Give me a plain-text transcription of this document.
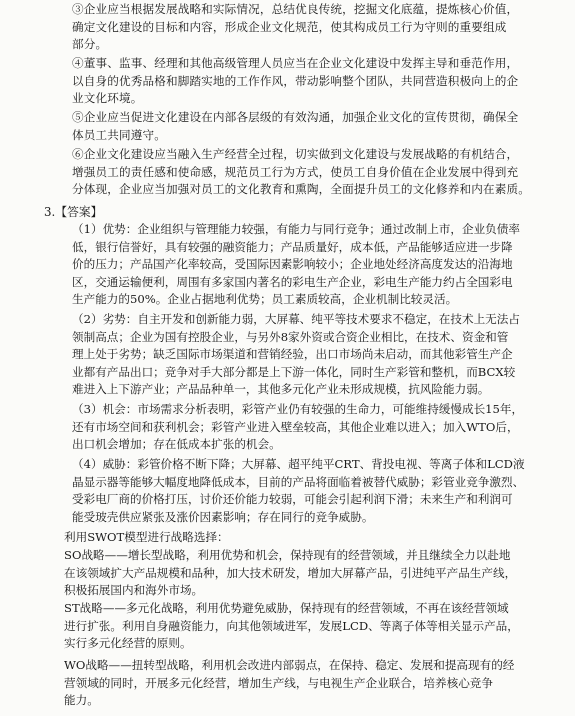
③企业应当根据发展战略和实际情况，总结优良传统，挖掘文化底蕴，提炼核心价值，
确定文化建设的目标和内容，形成企业文化规范，使其构成员工行为守则的重要组成
部分。
④董事、监事、经理和其他高级管理人员应当在企业文化建设中发挥主导和垂范作用，
以自身的优秀品格和脚踏实地的工作作风，带动影响整个团队，共同营造积极向上的企
业文化环境。
⑤企业应当促进文化建设在内部各层级的有效沟通，加强企业文化的宣传贯彻，确保全
体员工共同遵守。
⑥企业文化建设应当融入生产经营全过程，切实做到文化建设与发展战略的有机结合，
增强员工的责任感和使命感，规范员工行为方式，使员工自身价值在企业发展中得到充
分体现，企业应当加强对员工的文化教育和熏陶，全面提升员工的文化修养和内在素质。
3.【答案】
（1）优势：企业组织与管理能力较强，有能力与同行竞争；通过改制上市，企业负债率
低，银行信誉好，具有较强的融资能力；产品质量好，成本低，产品能够适应进一步降
价的压力；产品国产化率较高，受国际因素影响较小；企业地处经济高度发达的沿海地
区，交通运输便利，周围有多家国内著名的彩电生产企业，彩电生产能力约占全国彩电
生产能力的50%。企业占据地利优势；员工素质较高，企业机制比较灵活。
（2）劣势：自主开发和创新能力弱，大屏幕、纯平等技术要求不稳定，在技术上无法占
领制高点；企业为国有控股企业，与另外8家外资或合资企业相比，在技术、资金和管
理上处于劣势；缺乏国际市场渠道和营销经验，出口市场尚未启动，而其他彩管生产企
业都有产品出口；竞争对手大部分都是上下游一体化，同时生产彩管和整机，而BCX较
难进入上下游产业；产品品种单一，其他多元化产业未形成规模，抗风险能力弱。
（3）机会：市场需求分析表明，彩管产业仍有较强的生命力，可能维持缓慢成长15年，
还有市场空间和获利机会；彩管产业进入壁垒较高，其他企业难以进入；加入WTO后，
出口机会增加；存在低成本扩张的机会。
（4）威胁：彩管价格不断下降；大屏幕、超平纯平CRT、背投电视、等离子体和LCD液
晶显示器等能够大幅度地降低成本，目前的产品将面临着被替代威胁；彩管业竞争激烈、
受彩电厂商的价格打压，讨价还价能力较弱，可能会引起利润下滑；未来生产和利润可
能受玻壳供应紧张及涨价因素影响；存在同行的竞争威胁。
利用SWOT模型进行战略选择：
SO战略——增长型战略，利用优势和机会，保持现有的经营领域，并且继续全力以赴地
在该领域扩大产品规模和品种，加大技术研发，增加大屏幕产品，引进纯平产品生产线，
积极拓展国内和海外市场。
ST战略——多元化战略，利用优势避免威胁，保持现有的经营领域，不再在该经营领域
进行扩张。利用自身融资能力，向其他领域进军，发展LCD、等离子体等相关显示产品，
实行多元化经营的原则。
WO战略——扭转型战略，利用机会改进内部弱点，在保持、稳定、发展和提高现有的经
营领域的同时，开展多元化经营，增加生产线，与电视生产企业联合，培养核心竞争
能力。
